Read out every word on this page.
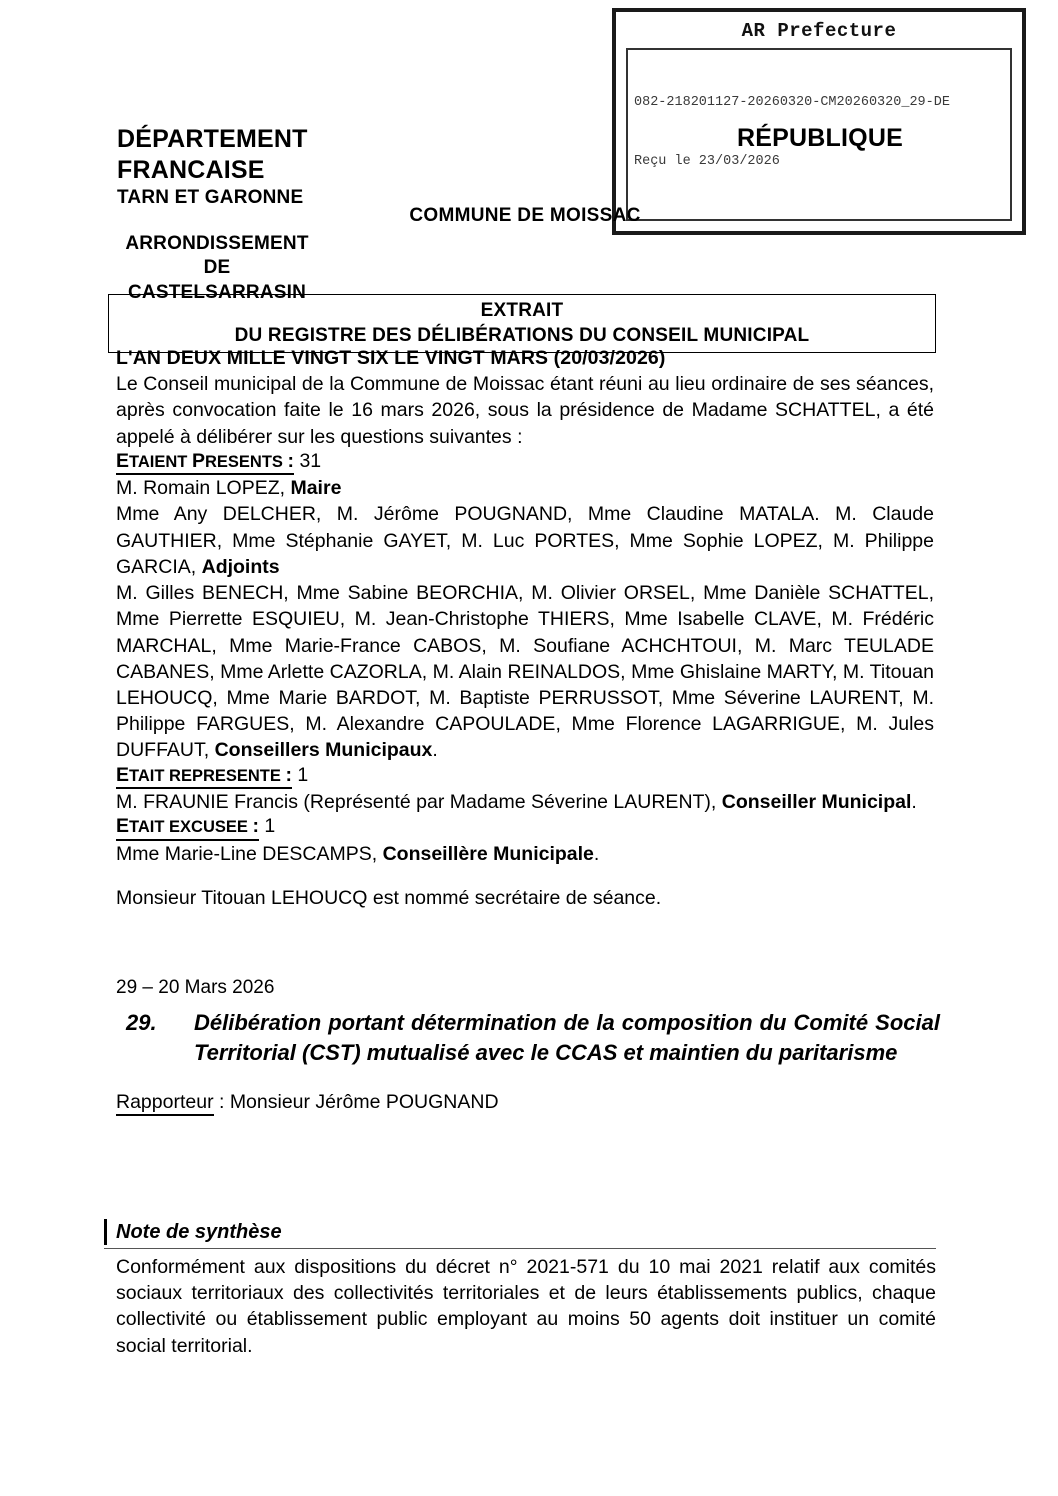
AR Prefecture

082-218201127-20260320-CM20260320_29-DE

Reçu le 23/03/2026

DÉPARTEMENT
FRANCAISE
TARN ET GARONNE
ARRONDISSEMENT
DE
CASTELSARRASIN
RÉPUBLIQUE
COMMUNE DE MOISSAC
EXTRAIT
DU REGISTRE DES DÉLIBÉRATIONS DU CONSEIL MUNICIPAL
L'AN DEUX MILLE VINGT SIX LE VINGT MARS (20/03/2026)

Le Conseil municipal de la Commune de Moissac étant réuni au lieu ordinaire de ses séances, après convocation faite le 16 mars 2026, sous la présidence de Madame SCHATTEL, a été appelé à délibérer sur les questions suivantes :

ETAIENT PRESENTS : 31

M. Romain LOPEZ, Maire

Mme Any DELCHER, M. Jérôme POUGNAND, Mme Claudine MATALA. M. Claude GAUTHIER, Mme Stéphanie GAYET, M. Luc PORTES, Mme Sophie LOPEZ, M. Philippe GARCIA, Adjoints

M. Gilles BENECH, Mme Sabine BEORCHIA, M. Olivier ORSEL, Mme Danièle SCHATTEL, Mme Pierrette ESQUIEU, M. Jean-Christophe THIERS, Mme Isabelle CLAVE, M. Frédéric MARCHAL, Mme Marie-France CABOS, M. Soufiane ACHCHTOUI, M. Marc TEULADE CABANES, Mme Arlette CAZORLA, M. Alain REINALDOS, Mme Ghislaine MARTY, M. Titouan LEHOUCQ, Mme Marie BARDOT, M. Baptiste PERRUSSOT, Mme Séverine LAURENT, M. Philippe FARGUES, M. Alexandre CAPOULADE, Mme Florence LAGARRIGUE, M. Jules DUFFAUT, Conseillers Municipaux.

ETAIT REPRESENTE : 1

M. FRAUNIE Francis (Représenté par Madame Séverine LAURENT), Conseiller Municipal.

ETAIT EXCUSEE : 1

Mme Marie-Line DESCAMPS, Conseillère Municipale.

Monsieur Titouan LEHOUCQ est nommé secrétaire de séance.
29 – 20 Mars 2026
29. Délibération portant détermination de la composition du Comité Social Territorial (CST) mutualisé avec le CCAS et maintien du paritarisme
Rapporteur : Monsieur Jérôme POUGNAND
Note de synthèse
Conformément aux dispositions du décret n° 2021-571 du 10 mai 2021 relatif aux comités sociaux territoriaux des collectivités territoriales et de leurs établissements publics, chaque collectivité ou établissement public employant au moins 50 agents doit instituer un comité social territorial.
